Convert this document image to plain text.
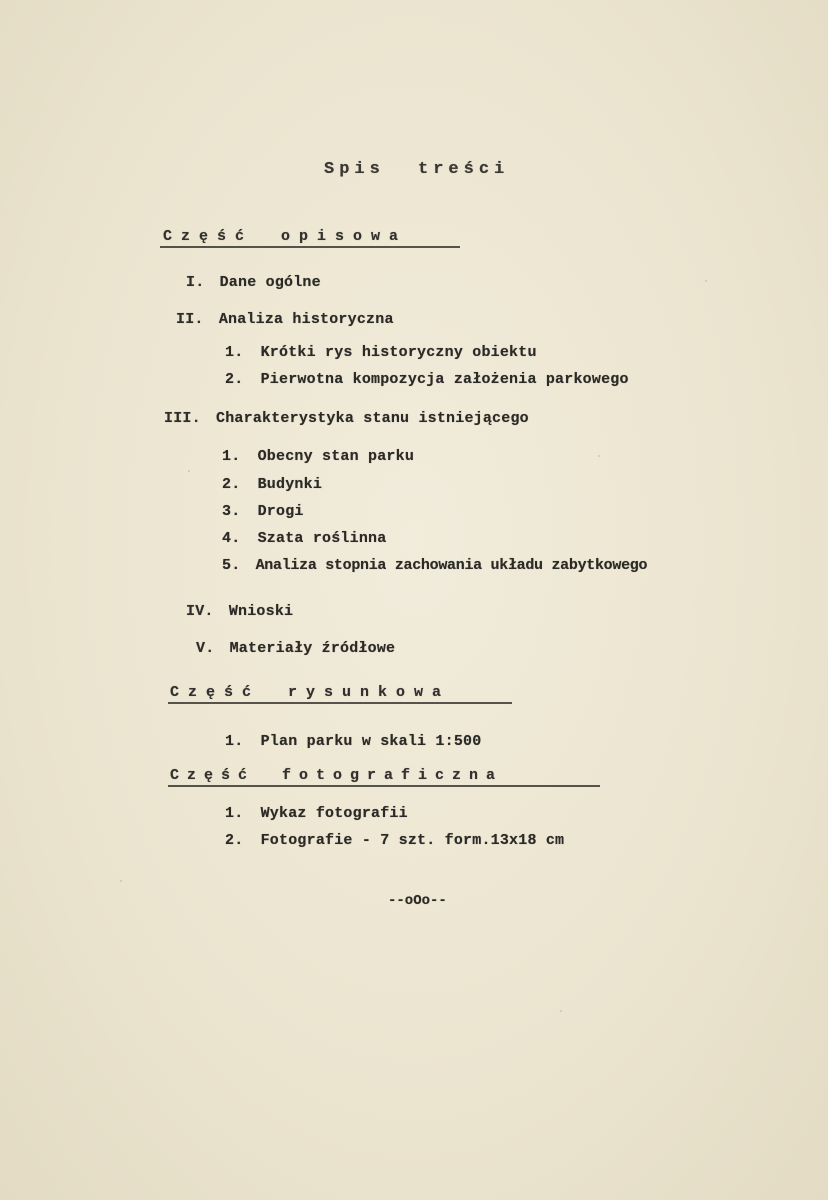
Spis treści
Część opisowa
I. Dane ogólne
II. Analiza historyczna
1. Krótki rys historyczny obiektu
2. Pierwotna kompozycja założenia parkowego
III. Charakterystyka stanu istniejącego
1. Obecny stan parku
2. Budynki
3. Drogi
4. Szata roślinna
5. Analiza stopnia zachowania układu zabytkowego
IV. Wnioski
V. Materiały źródłowe
Część rysunkowa
1. Plan parku w skali 1:500
Część fotograficzna
1. Wykaz fotografii
2. Fotografie - 7 szt. form.13x18 cm
--oOo--
